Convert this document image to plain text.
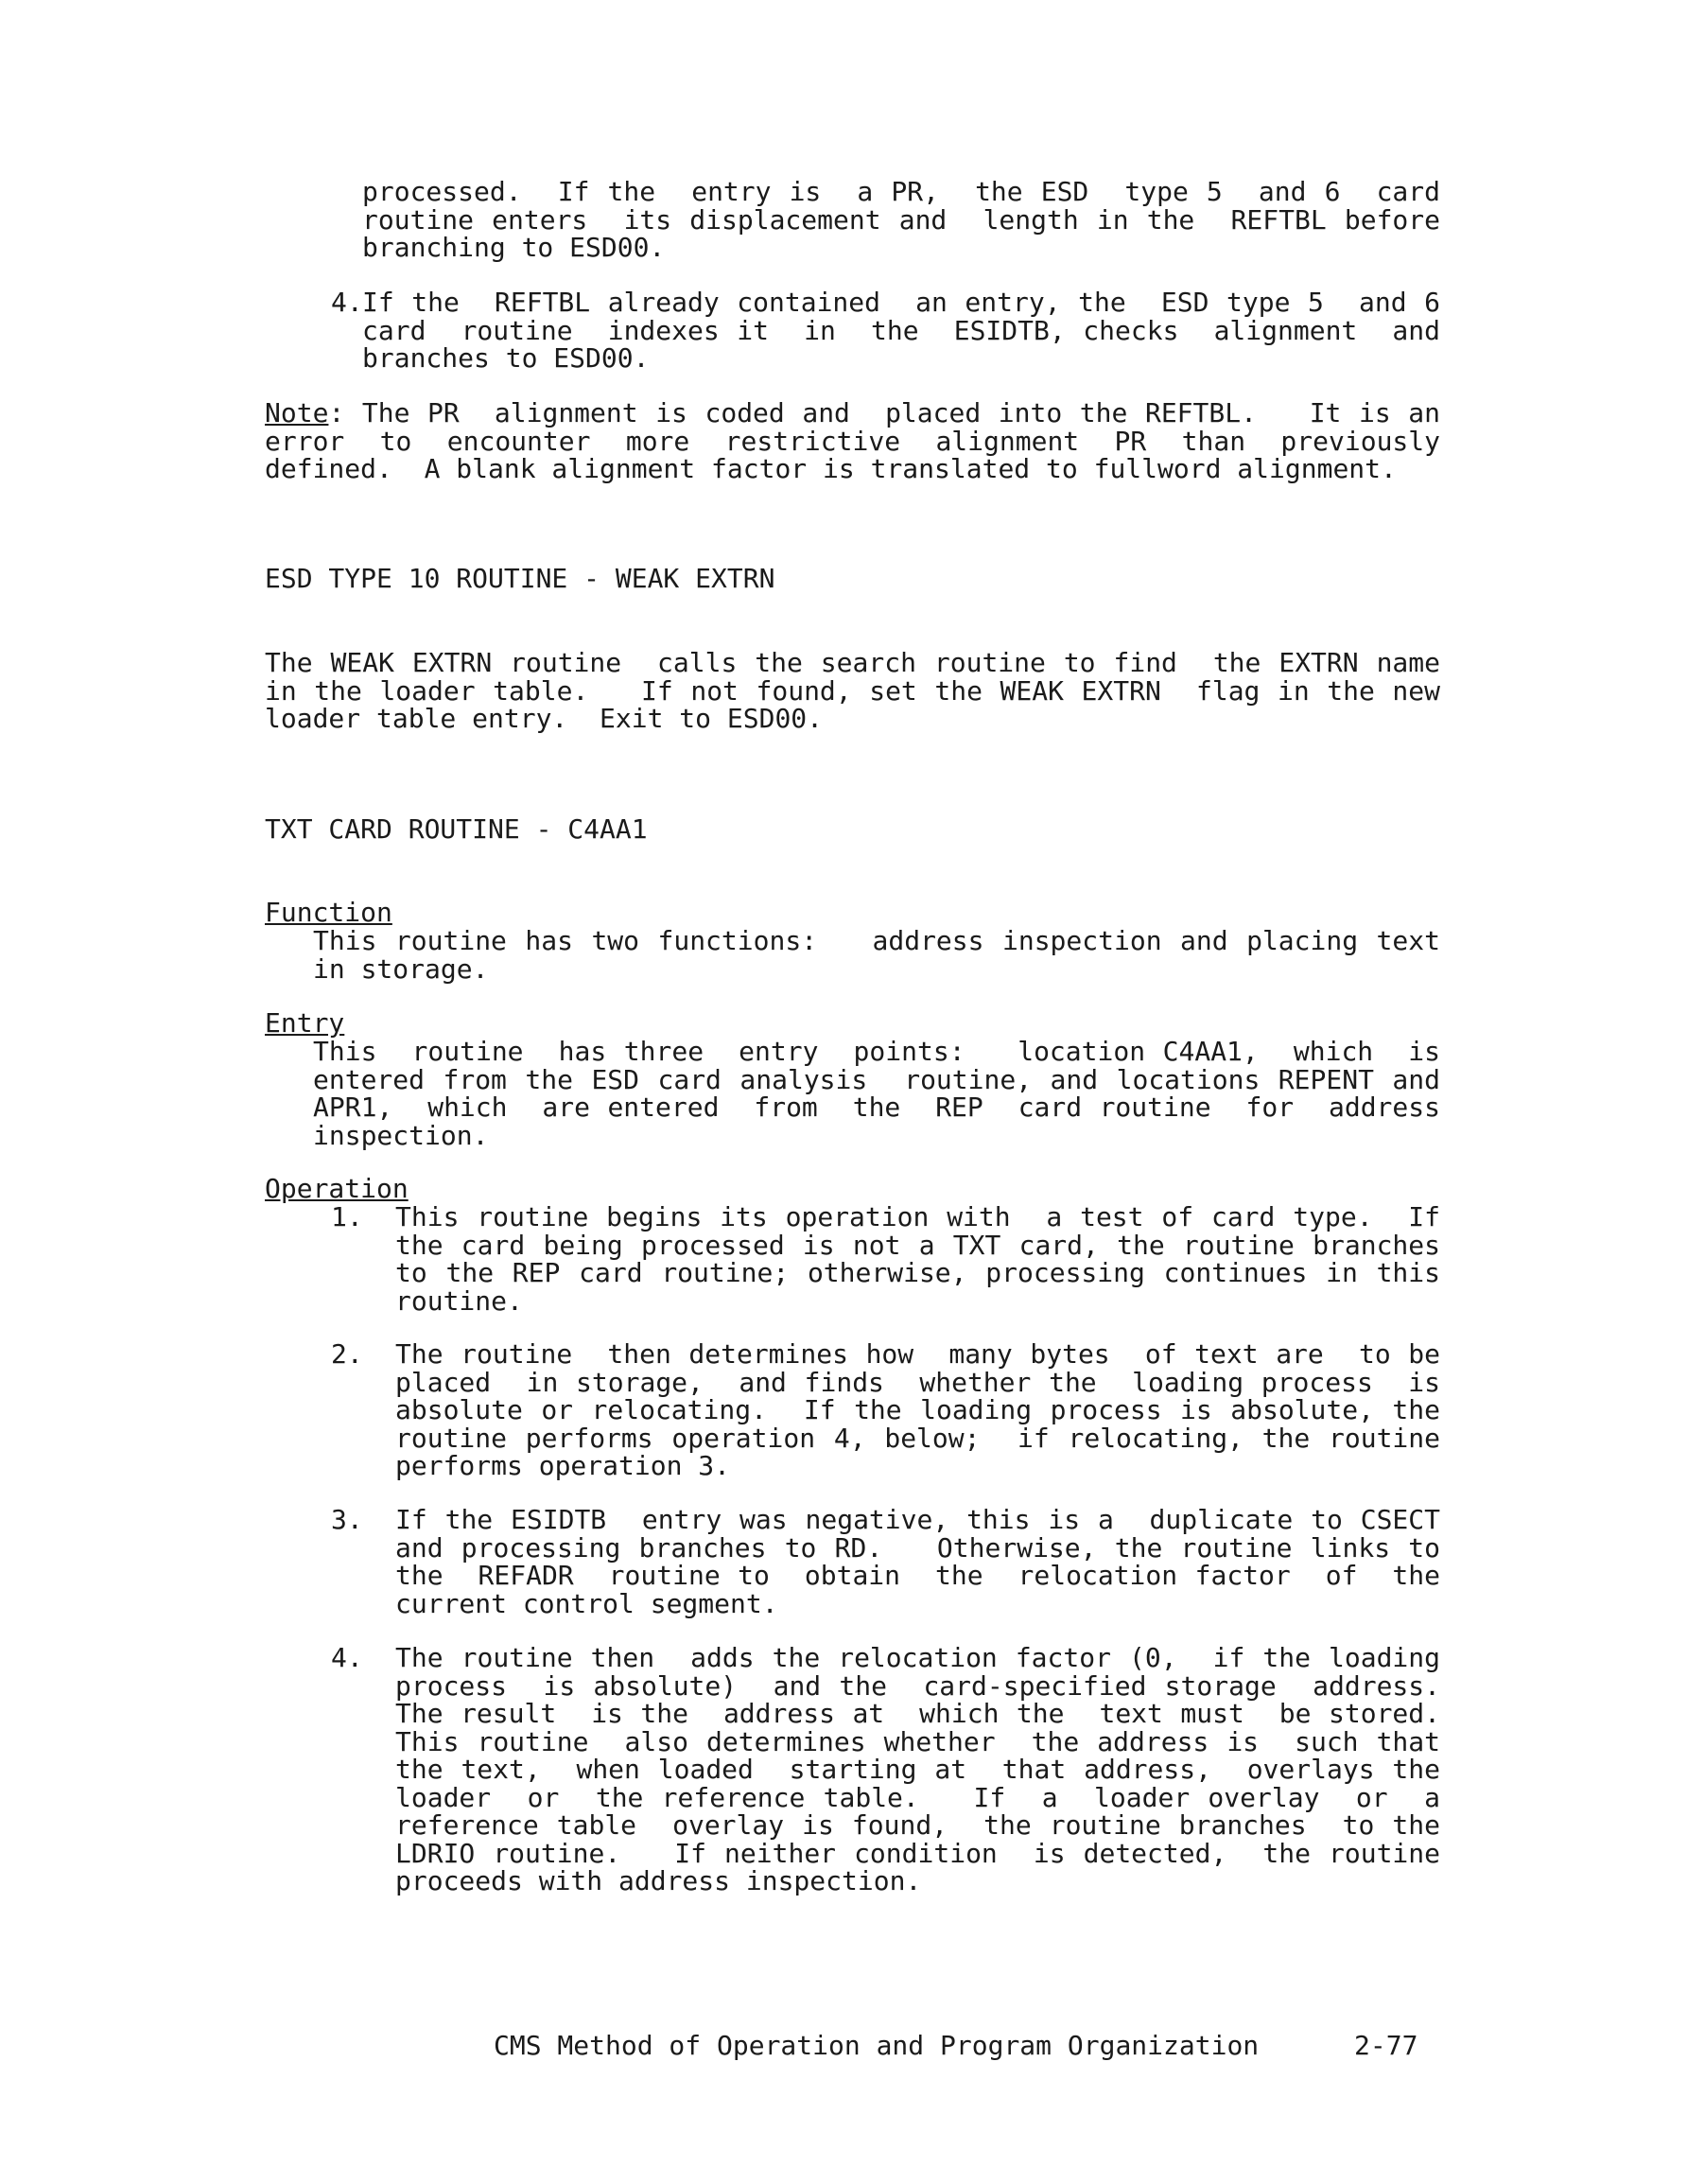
processed.  If the  entry is  a PR,  the ESD  type 5  and 6  card
routine enters  its displacement and  length in the  REFTBL before
branching to ESD00.
4. If the  REFTBL already contained  an entry, the  ESD type 5  and 6
card  routine  indexes it  in  the  ESIDTB, checks  alignment  and
branches to ESD00.
Note: The PR  alignment is coded and  placed into the REFTBL.   It is an
error  to  encounter  more  restrictive  alignment  PR  than  previously
defined.  A blank alignment factor is translated to fullword alignment.
ESD TYPE 10 ROUTINE - WEAK EXTRN
The WEAK EXTRN routine  calls the search routine to find  the EXTRN name
in the loader table.   If not found, set the WEAK EXTRN  flag in the new
loader table entry.  Exit to ESD00.
TXT CARD ROUTINE - C4AA1
Function
This routine has two functions:   address inspection and placing text
in storage.
Entry
This  routine  has three  entry  points:   location C4AA1,  which  is
entered from the ESD card analysis  routine, and locations REPENT and
APR1,  which  are entered  from  the  REP  card routine  for  address
inspection.
Operation
1. This routine begins its operation with  a test of card type.  If
the card being processed is not a TXT card, the routine branches
to the REP card routine; otherwise, processing continues in this
routine.
2. The routine  then determines how  many bytes  of text are  to be
placed  in storage,  and finds  whether the  loading process  is
absolute or relocating.  If the loading process is absolute, the
routine performs operation 4, below;  if relocating, the routine
performs operation 3.
3. If the ESIDTB  entry was negative, this is a  duplicate to CSECT
and processing branches to RD.   Otherwise, the routine links to
the  REFADR  routine to  obtain  the  relocation factor  of  the
current control segment.
4. The routine then  adds the relocation factor (0,  if the loading
process  is absolute)  and the  card-specified storage  address.
The result  is the  address at  which the  text must  be stored.
This routine  also determines whether  the address is  such that
the text,  when loaded  starting at  that address,  overlays the
loader  or  the reference table.   If  a  loader overlay  or  a
reference table  overlay is found,  the routine branches  to the
LDRIO routine.   If neither condition  is detected,  the routine
proceeds with address inspection.
CMS Method of Operation and Program Organization	2-77
